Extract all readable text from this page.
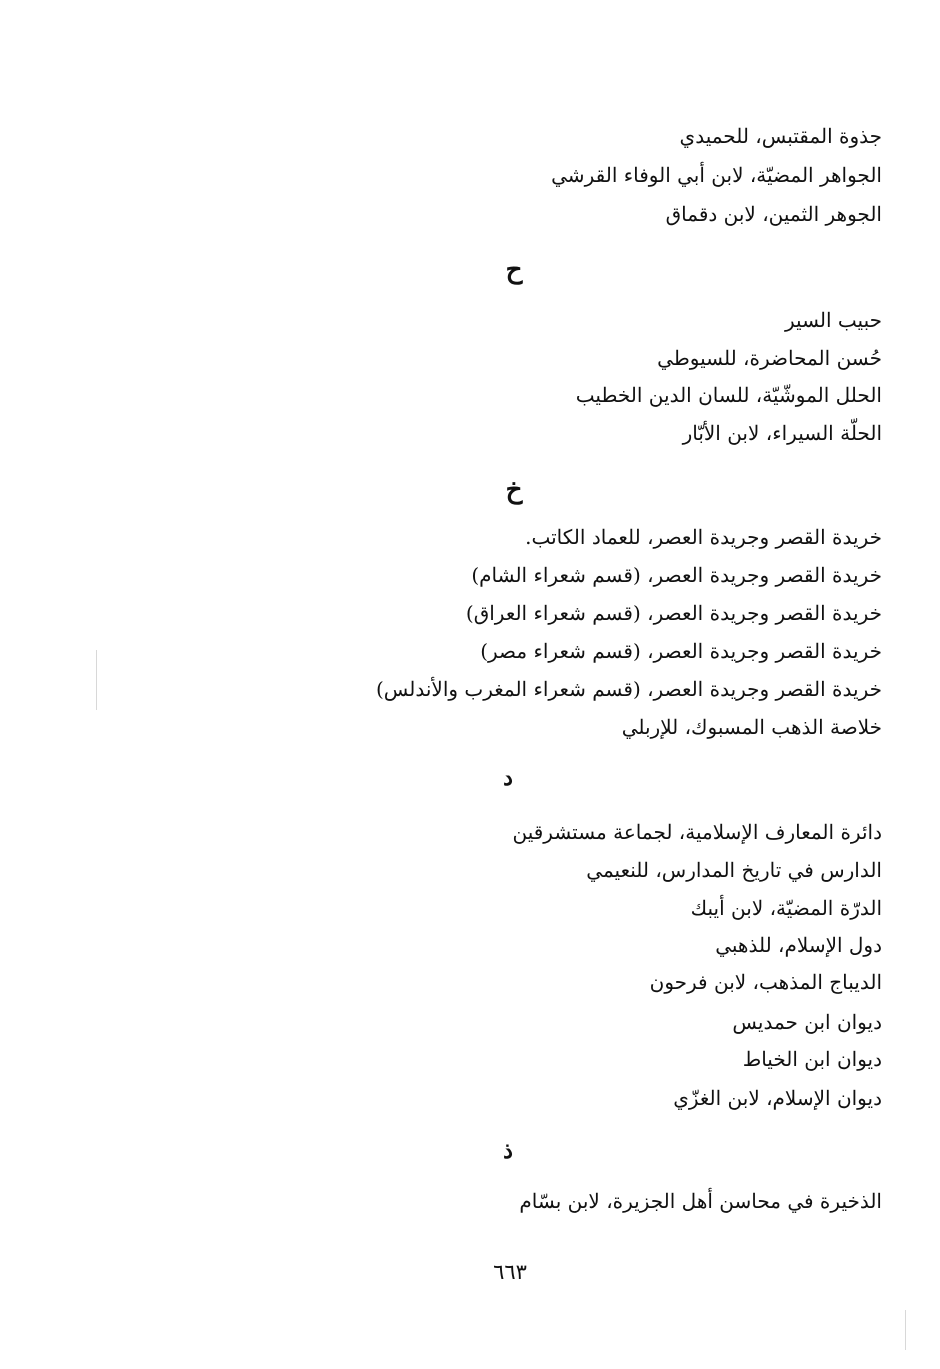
جذوة المقتبس، للحميدي
الجواهر المضيّة، لابن أبي الوفاء القرشي
الجوهر الثمين، لابن دقماق
ح
حبيب السير
حُسن المحاضرة، للسيوطي
الحلل الموشّيّة، للسان الدين الخطيب
الحلّة السيراء، لابن الأبّار
خ
خريدة القصر وجريدة العصر، للعماد الكاتب.
خريدة القصر وجريدة العصر، (قسم شعراء الشام)
خريدة القصر وجريدة العصر، (قسم شعراء العراق)
خريدة القصر وجريدة العصر، (قسم شعراء مصر)
خريدة القصر وجريدة العصر، (قسم شعراء المغرب والأندلس)
خلاصة الذهب المسبوك، للإربلي
د
دائرة المعارف الإسلامية، لجماعة مستشرقين
الدارس في تاريخ المدارس، للنعيمي
الدرّة المضيّة، لابن أيبك
دول الإسلام، للذهبي
الديباج المذهب، لابن فرحون
ديوان ابن حمديس
ديوان ابن الخياط
ديوان الإسلام، لابن الغزّي
ذ
الذخيرة في محاسن أهل الجزيرة، لابن بسّام
٦٦٣
